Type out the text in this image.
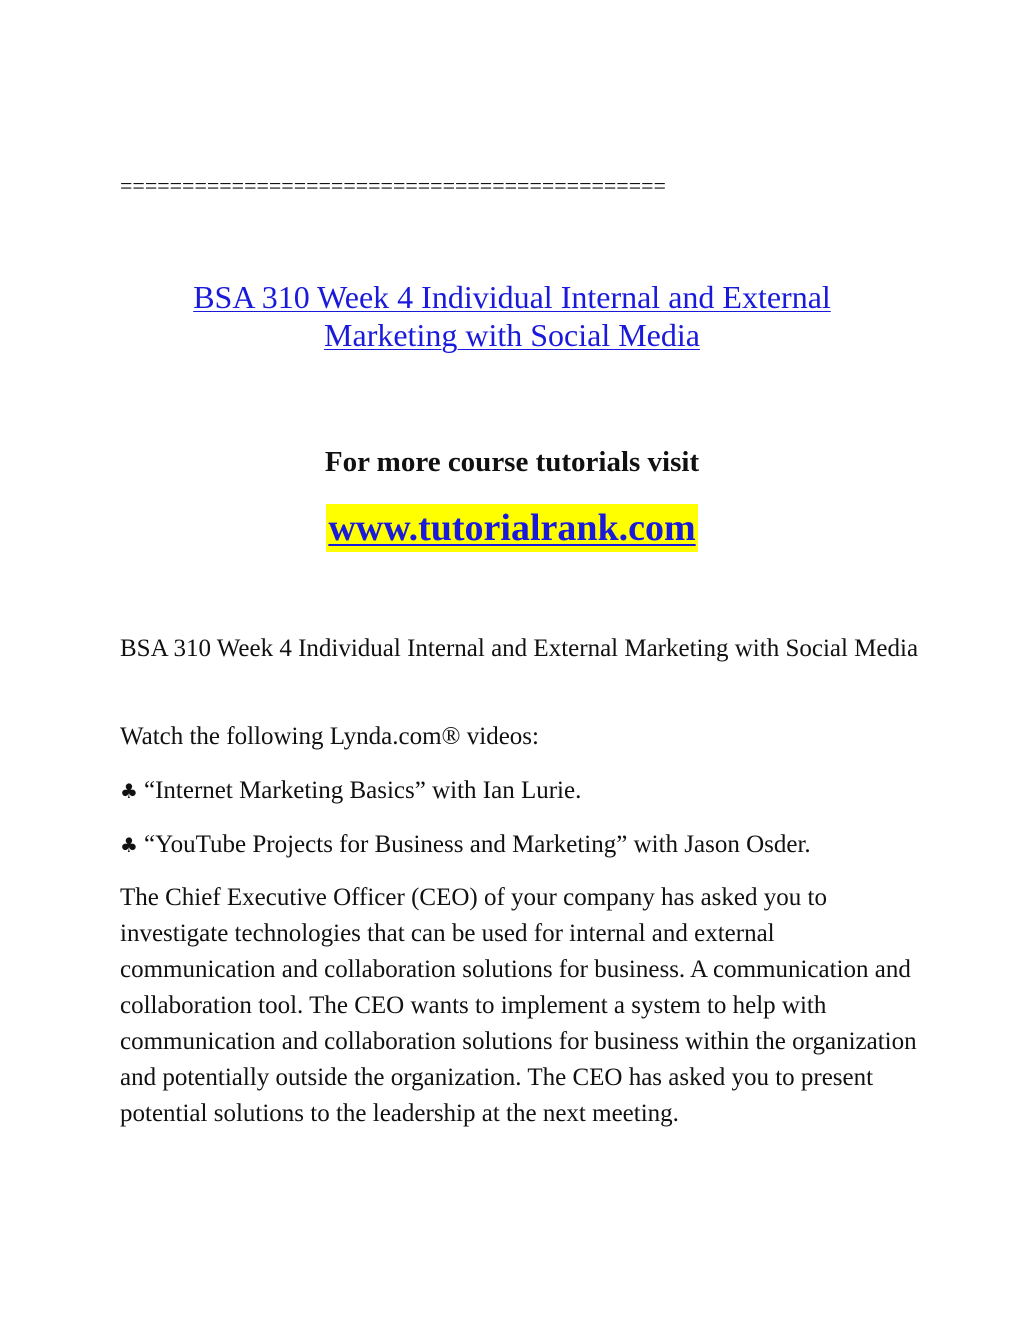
============================================
BSA 310 Week 4 Individual Internal and External
Marketing with Social Media
For more course tutorials visit
www.tutorialrank.com

BSA 310 Week 4 Individual Internal and External Marketing with Social Media

Watch the following Lynda.com® videos:

♣ “Internet Marketing Basics” with Ian Lurie.

♣ “YouTube Projects for Business and Marketing” with Jason Osder.

The Chief Executive Officer (CEO) of your company has asked you to investigate technologies that can be used for internal and external communication and collaboration solutions for business. A communication and collaboration tool. The CEO wants to implement a system to help with communication and collaboration solutions for business within the organization and potentially outside the organization. The CEO has asked you to present potential solutions to the leadership at the next meeting.
